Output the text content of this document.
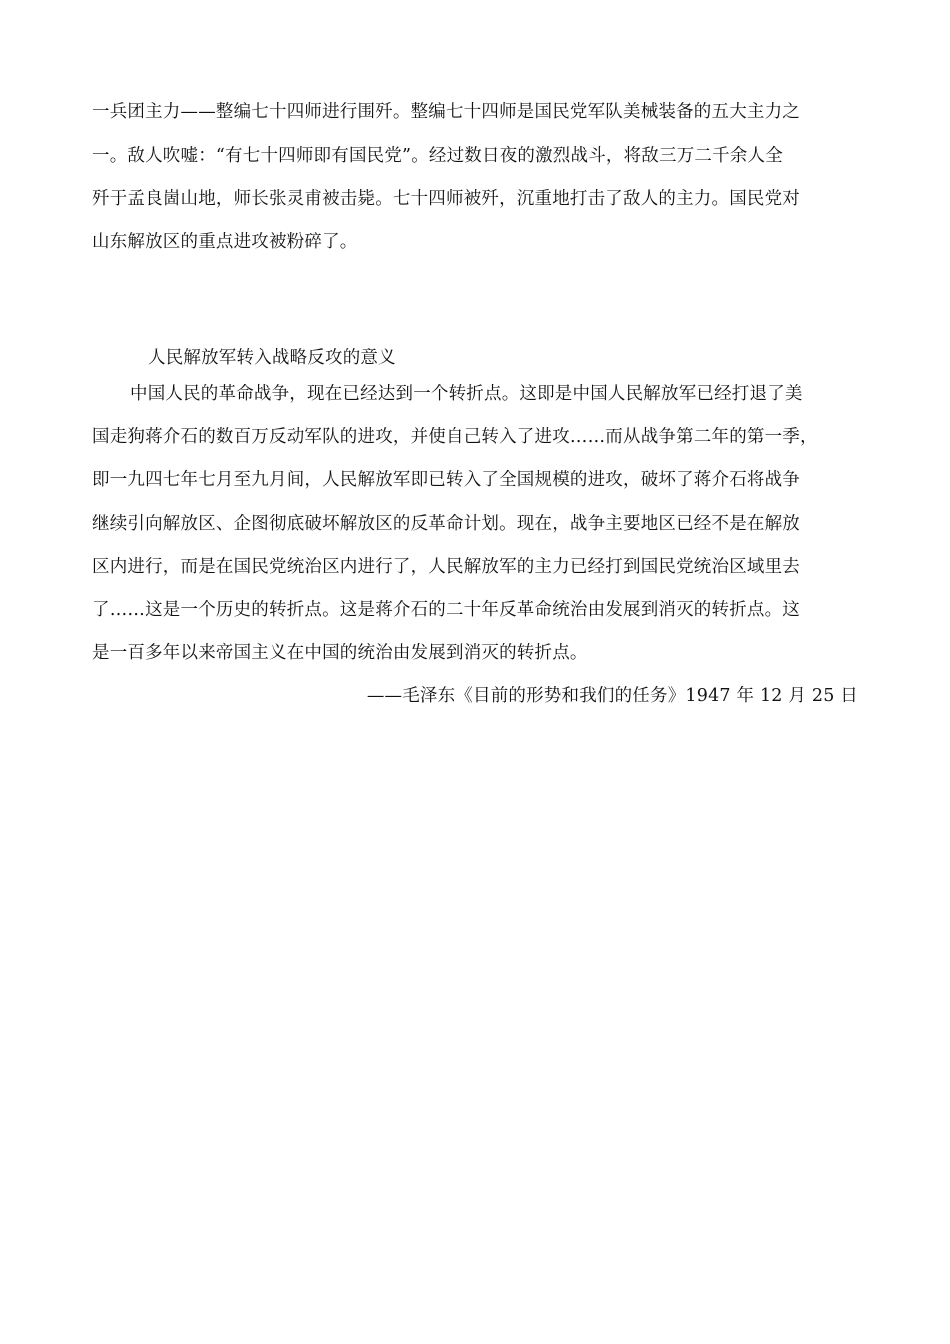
一兵团主力——整编七十四师进行围歼。整编七十四师是国民党军队美械装备的五大主力之
一。敌人吹嘘：“有七十四师即有国民党”。经过数日夜的激烈战斗，将敌三万二千余人全
歼于孟良崮山地，师长张灵甫被击毙。七十四师被歼，沉重地打击了敌人的主力。国民党对
山东解放区的重点进攻被粉碎了。
人民解放军转入战略反攻的意义
中国人民的革命战争，现在已经达到一个转折点。这即是中国人民解放军已经打退了美
国走狗蒋介石的数百万反动军队的进攻，并使自己转入了进攻……而从战争第二年的第一季，
即一九四七年七月至九月间，人民解放军即已转入了全国规模的进攻，破坏了蒋介石将战争
继续引向解放区、企图彻底破坏解放区的反革命计划。现在，战争主要地区已经不是在解放
区内进行，而是在国民党统治区内进行了，人民解放军的主力已经打到国民党统治区域里去
了……这是一个历史的转折点。这是蒋介石的二十年反革命统治由发展到消灭的转折点。这
是一百多年以来帝国主义在中国的统治由发展到消灭的转折点。
——毛泽东《目前的形势和我们的任务》1947 年 12 月 25 日
